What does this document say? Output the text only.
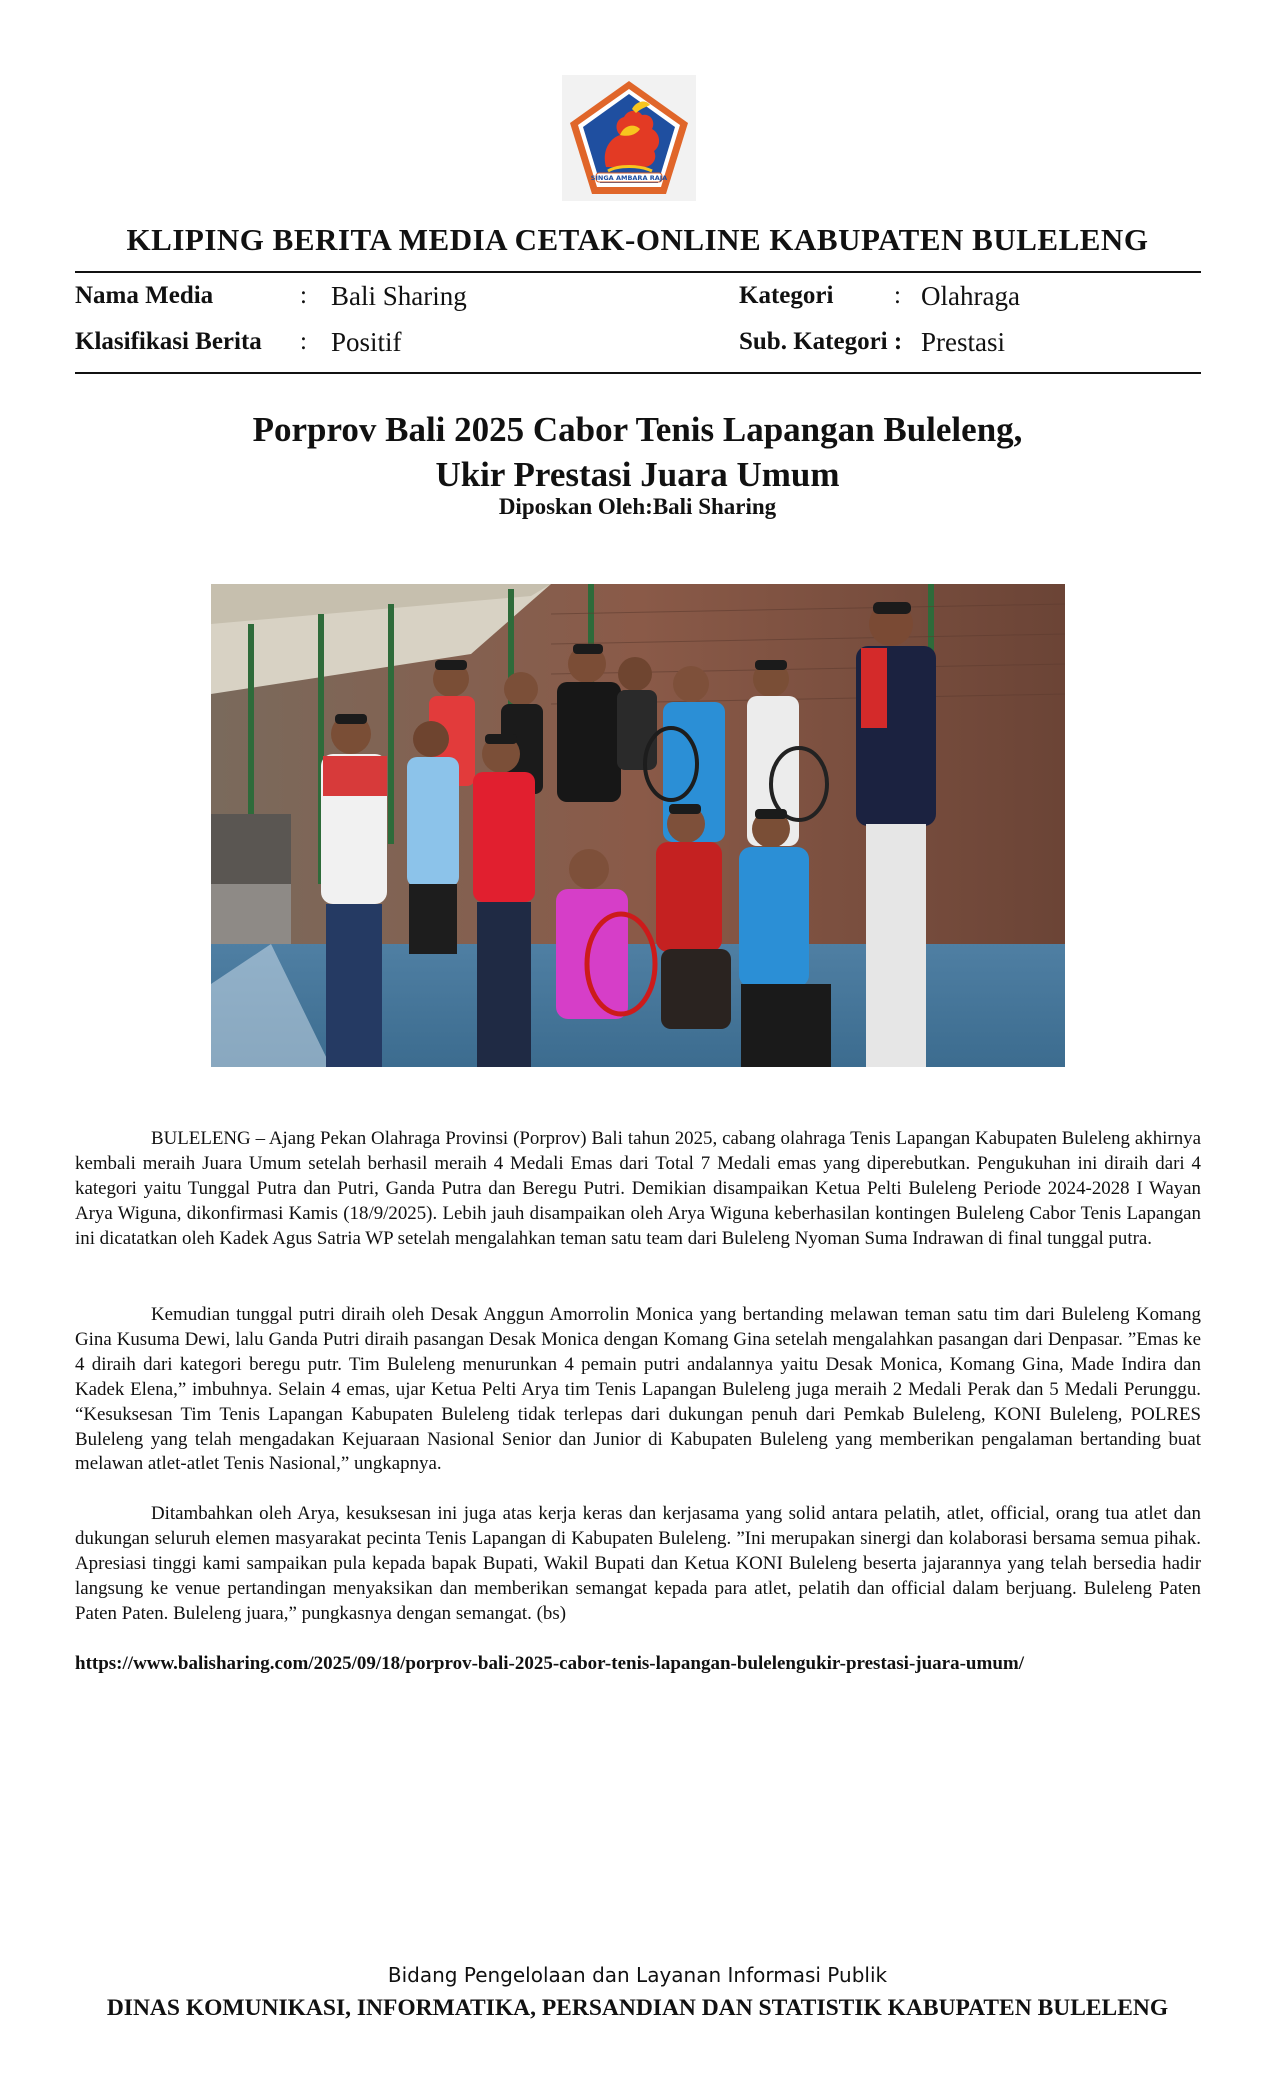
SINGA AMBARA RAJA
KLIPING BERITA MEDIA CETAK-ONLINE KABUPATEN BULELENG
Nama Media	: Bali Sharing
Klasifikasi Berita : Positif
Kategori : Olahraga
Sub. Kategori : Prestasi
Porprov Bali 2025 Cabor Tenis Lapangan Buleleng,
Ukir Prestasi Juara Umum
Diposkan Oleh:Bali Sharing
BULELENG – Ajang Pekan Olahraga Provinsi (Porprov) Bali tahun 2025, cabang olahraga Tenis Lapangan Kabupaten Buleleng akhirnya kembali meraih Juara Umum setelah berhasil meraih 4 Medali Emas dari Total 7 Medali emas yang diperebutkan. Pengukuhan ini diraih dari 4 kategori yaitu Tunggal Putra dan Putri, Ganda Putra dan Beregu Putri. Demikian disampaikan Ketua Pelti Buleleng Periode 2024-2028 I Wayan Arya Wiguna, dikonfirmasi Kamis (18/9/2025). Lebih jauh disampaikan oleh Arya Wiguna keberhasilan kontingen Buleleng Cabor Tenis Lapangan ini dicatatkan oleh Kadek Agus Satria WP setelah mengalahkan teman satu team dari Buleleng Nyoman Suma Indrawan di final tunggal putra.
Kemudian tunggal putri diraih oleh Desak Anggun Amorrolin Monica yang bertanding melawan teman satu tim dari Buleleng Komang Gina Kusuma Dewi, lalu Ganda Putri diraih pasangan Desak Monica dengan Komang Gina setelah mengalahkan pasangan dari Denpasar. ”Emas ke 4 diraih dari kategori beregu putr. Tim Buleleng menurunkan 4 pemain putri andalannya yaitu Desak Monica, Komang Gina, Made Indira dan Kadek Elena,” imbuhnya. Selain 4 emas, ujar Ketua Pelti Arya tim Tenis Lapangan Buleleng juga meraih 2 Medali Perak dan 5 Medali Perunggu. “Kesuksesan Tim Tenis Lapangan Kabupaten Buleleng tidak terlepas dari dukungan penuh dari Pemkab Buleleng, KONI Buleleng, POLRES Buleleng yang telah mengadakan Kejuaraan Nasional Senior dan Junior di Kabupaten Buleleng yang memberikan pengalaman bertanding buat melawan atlet-atlet Tenis Nasional,” ungkapnya.
Ditambahkan oleh Arya, kesuksesan ini juga atas kerja keras dan kerjasama yang solid antara pelatih, atlet, official, orang tua atlet dan dukungan seluruh elemen masyarakat pecinta Tenis Lapangan di Kabupaten Buleleng. ”Ini merupakan sinergi dan kolaborasi bersama semua pihak. Apresiasi tinggi kami sampaikan pula kepada bapak Bupati, Wakil Bupati dan Ketua KONI Buleleng beserta jajarannya yang telah bersedia hadir langsung ke venue pertandingan menyaksikan dan memberikan semangat kepada para atlet, pelatih dan official dalam berjuang. Buleleng Paten Paten Paten. Buleleng juara,” pungkasnya dengan semangat. (bs)
https://www.balisharing.com/2025/09/18/porprov-bali-2025-cabor-tenis-lapangan-bulelengukir-prestasi-juara-umum/
Bidang Pengelolaan dan Layanan Informasi Publik
DINAS KOMUNIKASI, INFORMATIKA, PERSANDIAN DAN STATISTIK KABUPATEN BULELENG
